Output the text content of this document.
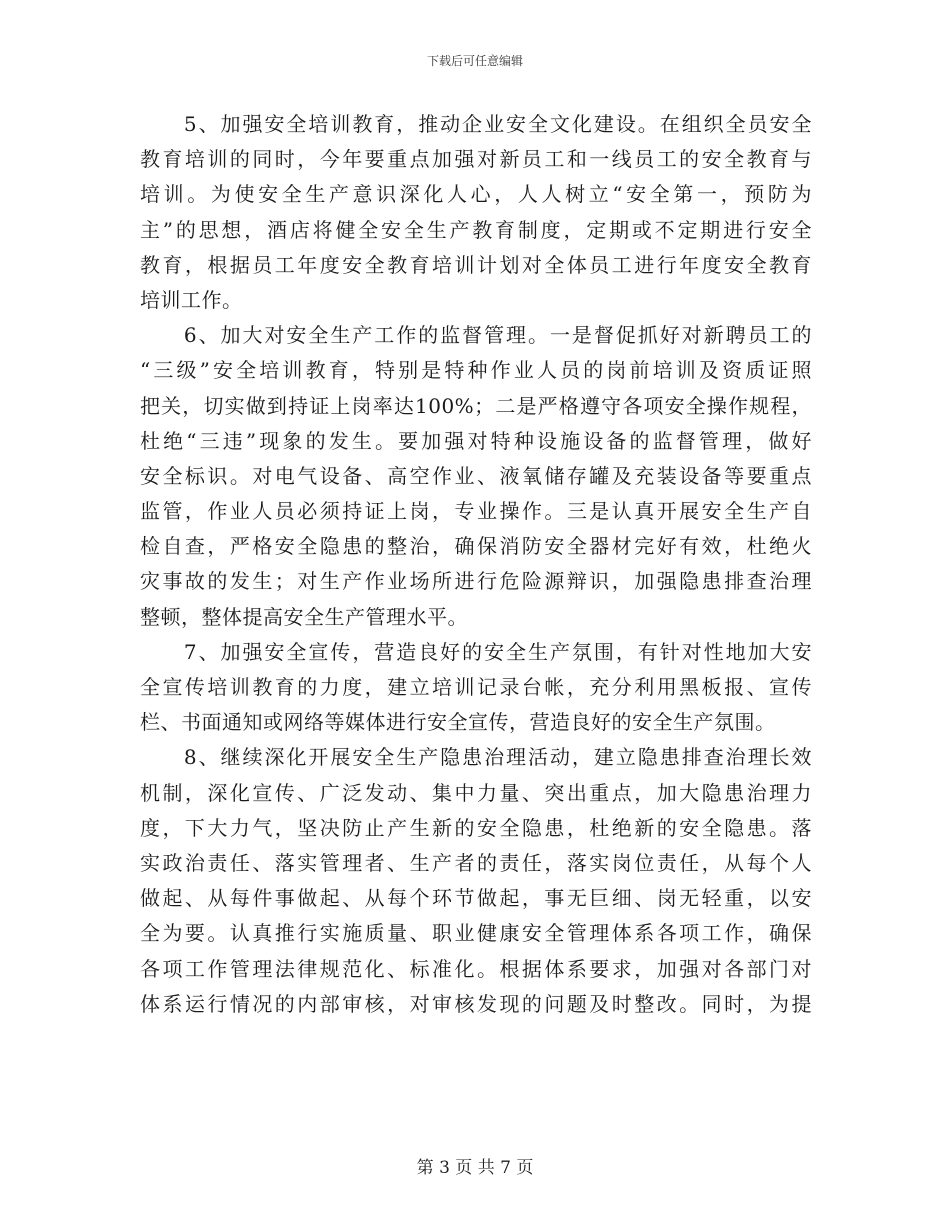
下载后可任意编辑
　　5、加强安全培训教育，推动企业安全文化建设。在组织全员安全
教育培训的同时，今年要重点加强对新员工和一线员工的安全教育与
培训。为使安全生产意识深化人心，人人树立“安全第一，预防为
主”的思想，酒店将健全安全生产教育制度，定期或不定期进行安全
教育，根据员工年度安全教育培训计划对全体员工进行年度安全教育
培训工作。
　　6、加大对安全生产工作的监督管理。一是督促抓好对新聘员工的
“三级”安全培训教育，特别是特种作业人员的岗前培训及资质证照
把关，切实做到持证上岗率达100%；二是严格遵守各项安全操作规程，
杜绝“三违”现象的发生。要加强对特种设施设备的监督管理，做好
安全标识。对电气设备、高空作业、液氧储存罐及充装设备等要重点
监管，作业人员必须持证上岗，专业操作。三是认真开展安全生产自
检自查，严格安全隐患的整治，确保消防安全器材完好有效，杜绝火
灾事故的发生；对生产作业场所进行危险源辩识，加强隐患排查治理
整顿，整体提高安全生产管理水平。
　　7、加强安全宣传，营造良好的安全生产氛围，有针对性地加大安
全宣传培训教育的力度，建立培训记录台帐，充分利用黑板报、宣传
栏、书面通知或网络等媒体进行安全宣传，营造良好的安全生产氛围。
　　8、继续深化开展安全生产隐患治理活动，建立隐患排查治理长效
机制，深化宣传、广泛发动、集中力量、突出重点，加大隐患治理力
度，下大力气，坚决防止产生新的安全隐患，杜绝新的安全隐患。落
实政治责任、落实管理者、生产者的责任，落实岗位责任，从每个人
做起、从每件事做起、从每个环节做起，事无巨细、岗无轻重，以安
全为要。认真推行实施质量、职业健康安全管理体系各项工作，确保
各项工作管理法律规范化、标准化。根据体系要求，加强对各部门对
体系运行情况的内部审核，对审核发现的问题及时整改。同时，为提
第 3 页 共 7 页
